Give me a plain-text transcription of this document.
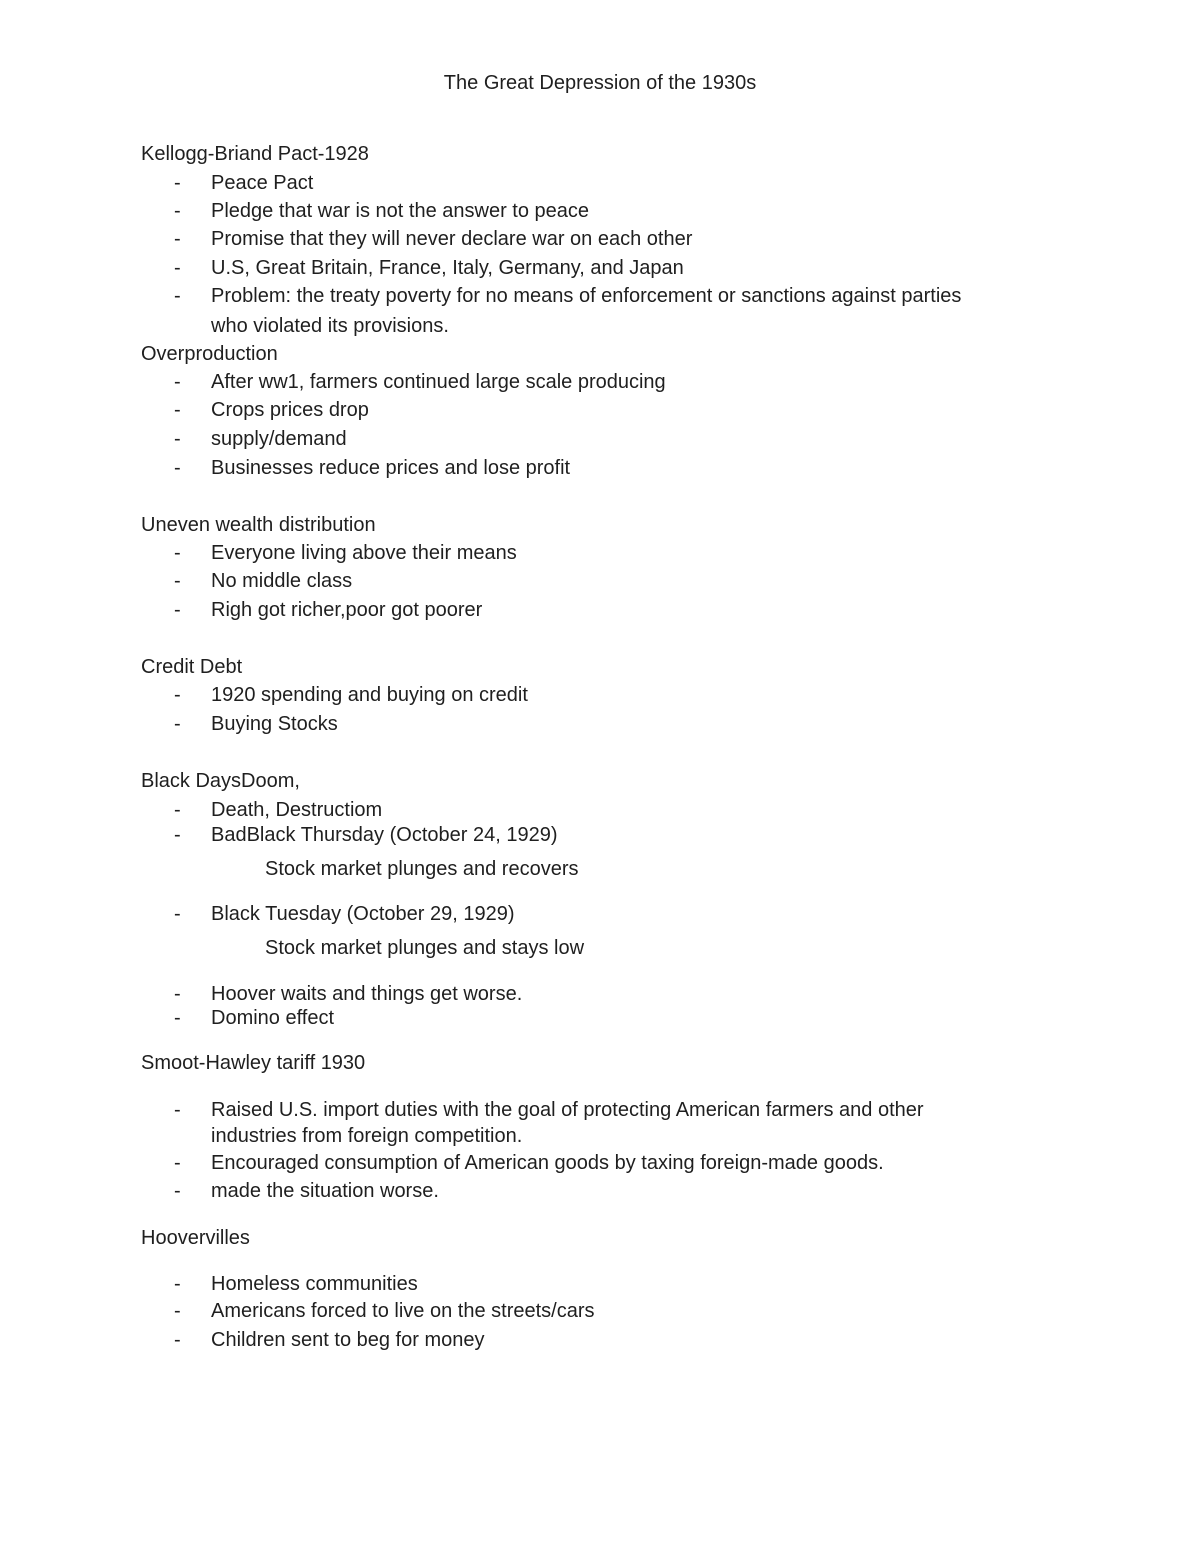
The Great Depression of the 1930s
Kellogg-Briand Pact-1928
- Peace Pact
- Pledge that war is not the answer to peace
- Promise that they will never declare war on each other
- U.S, Great Britain, France, Italy, Germany, and Japan
- Problem: the treaty poverty for no means of enforcement or sanctions against parties
who violated its provisions.
Overproduction
- After ww1, farmers continued large scale producing
- Crops prices drop
- supply/demand
- Businesses reduce prices and lose profit
Uneven wealth distribution
- Everyone living above their means
- No middle class
- Righ got richer,poor got poorer
Credit Debt
- 1920 spending and buying on credit
- Buying Stocks
Black DaysDoom,
- Death, Destructiom
- BadBlack Thursday (October 24, 1929)
Stock market plunges and recovers
- Black Tuesday (October 29, 1929)
Stock market plunges and stays low
- Hoover waits and things get worse.
- Domino effect
Smoot-Hawley tariff 1930
- Raised U.S. import duties with the goal of protecting American farmers and other
industries from foreign competition.
- Encouraged consumption of American goods by taxing foreign-made goods.
- made the situation worse.
Hoovervilles
- Homeless communities
- Americans forced to live on the streets/cars
- Children sent to beg for money
